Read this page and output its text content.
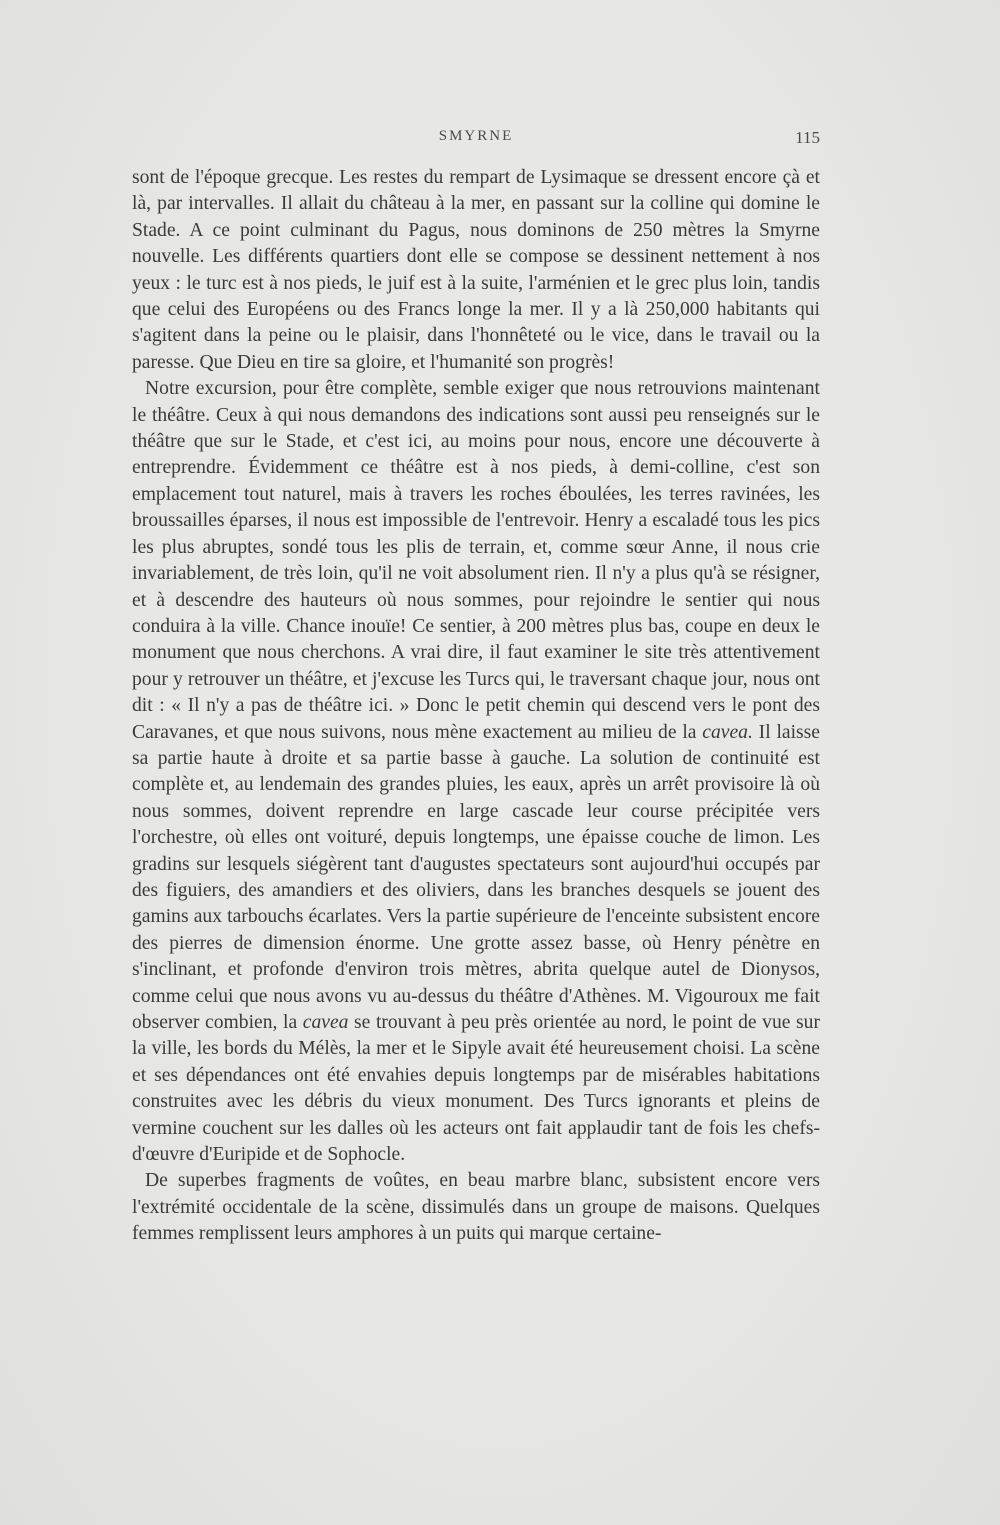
SMYRNE	115

sont de l'époque grecque. Les restes du rempart de Lysimaque se dressent encore çà et là, par intervalles. Il allait du château à la mer, en passant sur la colline qui domine le Stade. A ce point culminant du Pagus, nous dominons de 250 mètres la Smyrne nouvelle. Les différents quartiers dont elle se compose se dessinent nettement à nos yeux : le turc est à nos pieds, le juif est à la suite, l'arménien et le grec plus loin, tandis que celui des Européens ou des Francs longe la mer. Il y a là 250,000 habitants qui s'agitent dans la peine ou le plaisir, dans l'honnêteté ou le vice, dans le travail ou la paresse. Que Dieu en tire sa gloire, et l'humanité son progrès!

Notre excursion, pour être complète, semble exiger que nous retrouvions maintenant le théâtre. Ceux à qui nous demandons des indications sont aussi peu renseignés sur le théâtre que sur le Stade, et c'est ici, au moins pour nous, encore une découverte à entreprendre. Évidemment ce théâtre est à nos pieds, à demi-colline, c'est son emplacement tout naturel, mais à travers les roches éboulées, les terres ravinées, les broussailles éparses, il nous est impossible de l'entrevoir. Henry a escaladé tous les pics les plus abruptes, sondé tous les plis de terrain, et, comme sœur Anne, il nous crie invariablement, de très loin, qu'il ne voit absolument rien. Il n'y a plus qu'à se résigner, et à descendre des hauteurs où nous sommes, pour rejoindre le sentier qui nous conduira à la ville. Chance inouïe! Ce sentier, à 200 mètres plus bas, coupe en deux le monument que nous cherchons. A vrai dire, il faut examiner le site très attentivement pour y retrouver un théâtre, et j'excuse les Turcs qui, le traversant chaque jour, nous ont dit : « Il n'y a pas de théâtre ici. » Donc le petit chemin qui descend vers le pont des Caravanes, et que nous suivons, nous mène exactement au milieu de la cavea. Il laisse sa partie haute à droite et sa partie basse à gauche. La solution de continuité est complète et, au lendemain des grandes pluies, les eaux, après un arrêt provisoire là où nous sommes, doivent reprendre en large cascade leur course précipitée vers l'orchestre, où elles ont voituré, depuis longtemps, une épaisse couche de limon. Les gradins sur lesquels siégèrent tant d'augustes spectateurs sont aujourd'hui occupés par des figuiers, des amandiers et des oliviers, dans les branches desquels se jouent des gamins aux tarbouchs écarlates. Vers la partie supérieure de l'enceinte subsistent encore des pierres de dimension énorme. Une grotte assez basse, où Henry pénètre en s'inclinant, et profonde d'environ trois mètres, abrita quelque autel de Dionysos, comme celui que nous avons vu au-dessus du théâtre d'Athènes. M. Vigouroux me fait observer combien, la cavea se trouvant à peu près orientée au nord, le point de vue sur la ville, les bords du Mélès, la mer et le Sipyle avait été heureusement choisi. La scène et ses dépendances ont été envahies depuis longtemps par de misérables habitations construites avec les débris du vieux monument. Des Turcs ignorants et pleins de vermine couchent sur les dalles où les acteurs ont fait applaudir tant de fois les chefs-d'œuvre d'Euripide et de Sophocle.

De superbes fragments de voûtes, en beau marbre blanc, subsistent encore vers l'extrémité occidentale de la scène, dissimulés dans un groupe de maisons. Quelques femmes remplissent leurs amphores à un puits qui marque certaine-
